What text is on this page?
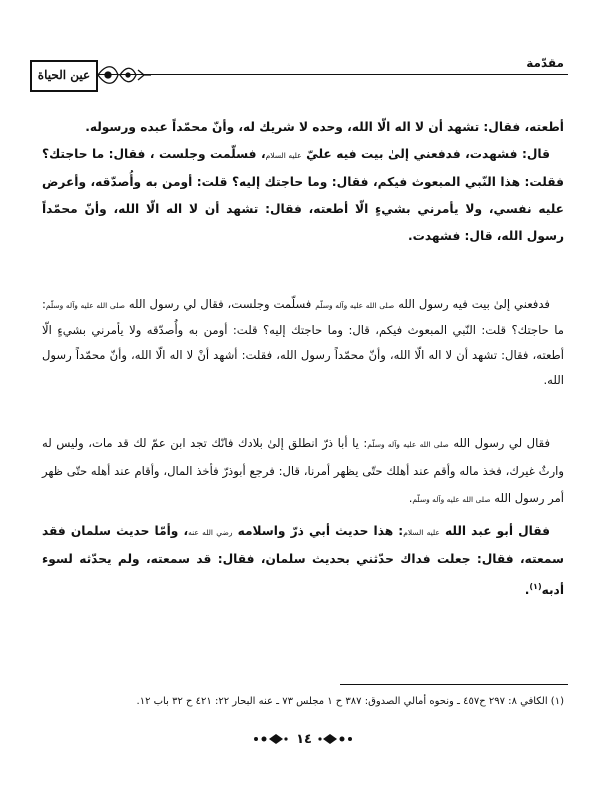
مقدّمة
عين الحياة
أطعته، فقال: تشهد أن لا اله الّا الله، وحده لا شريك له، وأنّ محمّداً عبده ورسوله.
قال: فشهدت، فدفعني إلىٰ بيت فيه عليّ عليه السلام، فسلّمت وجلست ، فقال: ما حاجتك؟ فقلت: هذا النّبي المبعوث فيكم، فقال: وما حاجتك إليه؟ قلت: أومن به وأُصدّقه، وأعرض عليه نفسي، ولا يأمرني بشيءٍ الّا أطعته، فقال: تشهد أن لا اله الّا الله، وأنّ محمّداً رسول الله، قال: فشهدت.
فدفعني إلىٰ بيت فيه رسول الله صلى الله عليه وآله وسلّم فسلّمت وجلست، فقال لي رسول الله صلى الله عليه وآله وسلّم: ما حاجتك؟ قلت: النّبي المبعوث فيكم، قال: وما حاجتك إليه؟ قلت: أومن به وأُصدّقه ولا يأمرني بشيءٍ الّا أطعته، فقال: تشهد أن لا اله الّا الله، وأنّ محمّداً رسول الله، فقلت: أشهد أنْ لا اله الّا الله، وأنّ محمّداً رسول الله.
فقال لي رسول الله صلى الله عليه وآله وسلّم: يا أبا ذرّ انطلق إلىٰ بلادك فانّك تجد ابن عمّ لك قد مات، وليس له وارثٌ غيرك، فخذ ماله وأقم عند أهلك حتّى يظهر أمرنا، قال: فرجع أبوذرّ فأخذ المال، وأقام عند أهله حتّى ظهر أمر رسول الله صلى الله عليه وآله وسلّم.
فقال أبو عبد الله عليه السلام: هذا حديث أبي ذرّ واسلامه رضي الله عنه، وأمّا حديث سلمان فقد سمعته، فقال: جعلت فداك حدّثني بحديث سلمان، فقال: قد سمعته، ولم يحدّثه لسوء أدبه$^{(١)}$.
(١) الكافي ٨: ٢٩٧ ح٤٥٧ ـ ونحوه أمالي الصدوق: ٣٨٧ ح ١ مجلس ٧٣ ـ عنه البحار ٢٢: ٤٢١ ح ٣٢ باب ١٢.
١٤
